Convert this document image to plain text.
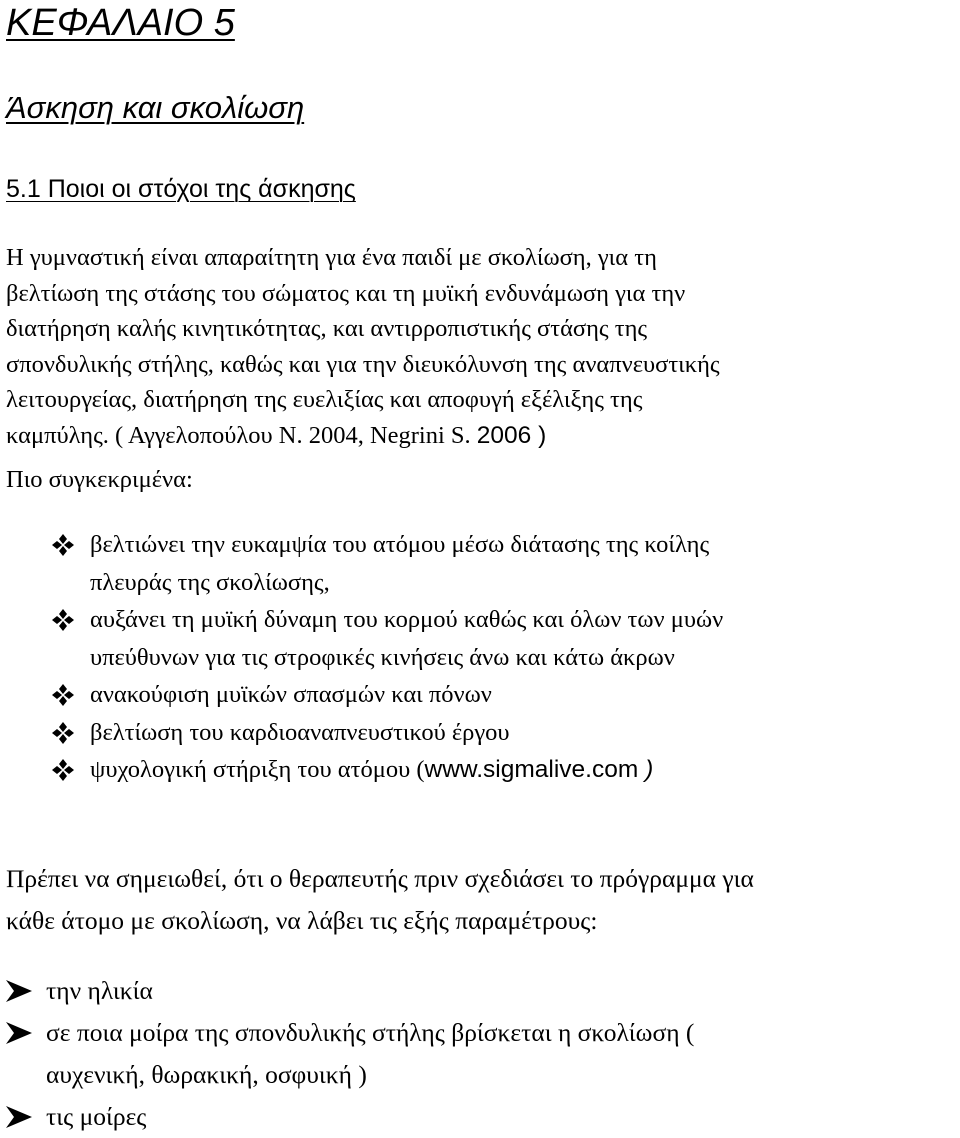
ΚΕΦΑΛΑΙΟ 5
Άσκηση και σκολίωση
5.1 Ποιοι οι στόχοι της άσκησης

Η γυμναστική είναι απαραίτητη για ένα παιδί με σκολίωση, για τη
βελτίωση της στάσης του σώματος και τη μυϊκή ενδυνάμωση για την
διατήρηση καλής κινητικότητας, και αντιρροπιστικής στάσης της
σπονδυλικής στήλης, καθώς και για την διευκόλυνση της αναπνευστικής
λειτουργείας, διατήρηση της ευελιξίας και αποφυγή εξέλιξης της
καμπύλης. ( Αγγελοπούλου Ν. 2004, Negrini S. 2006 )

Πιο συγκεκριμένα:

βελτιώνει την ευκαμψία του ατόμου μέσω διάτασης της κοίλης
πλευράς της σκολίωσης,
αυξάνει τη μυϊκή δύναμη του κορμού καθώς και όλων των μυών
υπεύθυνων για τις στροφικές κινήσεις άνω και κάτω άκρων
ανακούφιση μυϊκών σπασμών και πόνων
βελτίωση του καρδιοαναπνευστικού έργου
ψυχολογική στήριξη του ατόμου (www.sigmalive.com )

Πρέπει να σημειωθεί, ότι ο θεραπευτής πριν σχεδιάσει το πρόγραμμα για
κάθε άτομο με σκολίωση, να λάβει τις εξής παραμέτρους:

την ηλικία
σε ποια μοίρα της σπονδυλικής στήλης βρίσκεται η σκολίωση (
αυχενική, θωρακική, οσφυική )
τις μοίρες
